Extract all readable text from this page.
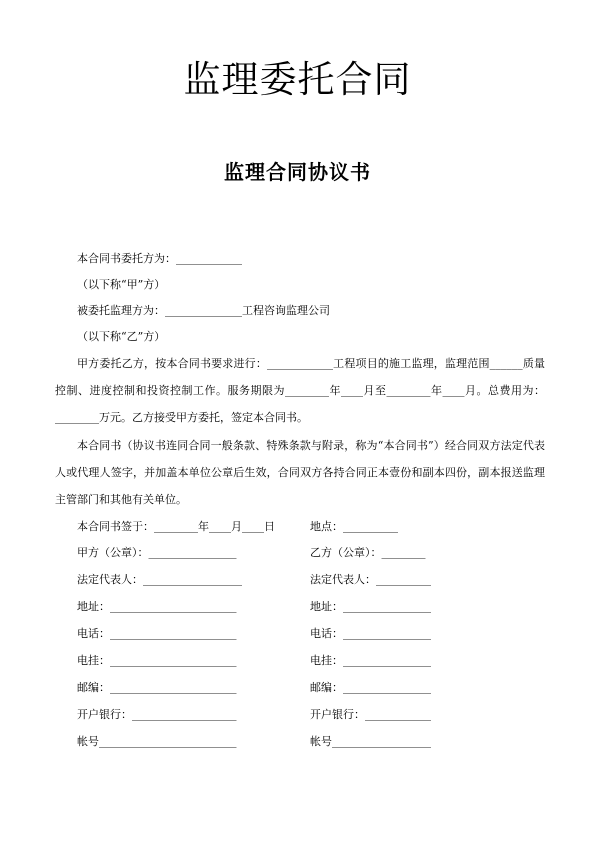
监理委托合同
监理合同协议书
本合同书委托方为：____________
（以下称“甲”方）
被委托监理方为：______________工程咨询监理公司
（以下称“乙”方）
甲方委托乙方，按本合同书要求进行：____________工程项目的施工监理，监理范围______质量控制、进度控制和投资控制工作。服务期限为________年____月至________年____月。总费用为：________万元。乙方接受甲方委托，签定本合同书。
本合同书（协议书连同合同一般条款、特殊条款与附录，称为“本合同书”）经合同双方法定代表人或代理人签字，并加盖本单位公章后生效，合同双方各持合同正本壹份和副本四份，副本报送监理主管部门和其他有关单位。
本合同书签于：________年____月____日	地点：__________
甲方（公章）：________________	乙方（公章）：________
法定代表人：__________________	法定代表人：__________
地址：_______________________	地址：________________
电话：_______________________	电话：________________
电挂：_______________________	电挂：________________
邮编：_______________________	邮编：________________
开户银行：___________________	开户银行：____________
帐号_________________________	帐号__________________
